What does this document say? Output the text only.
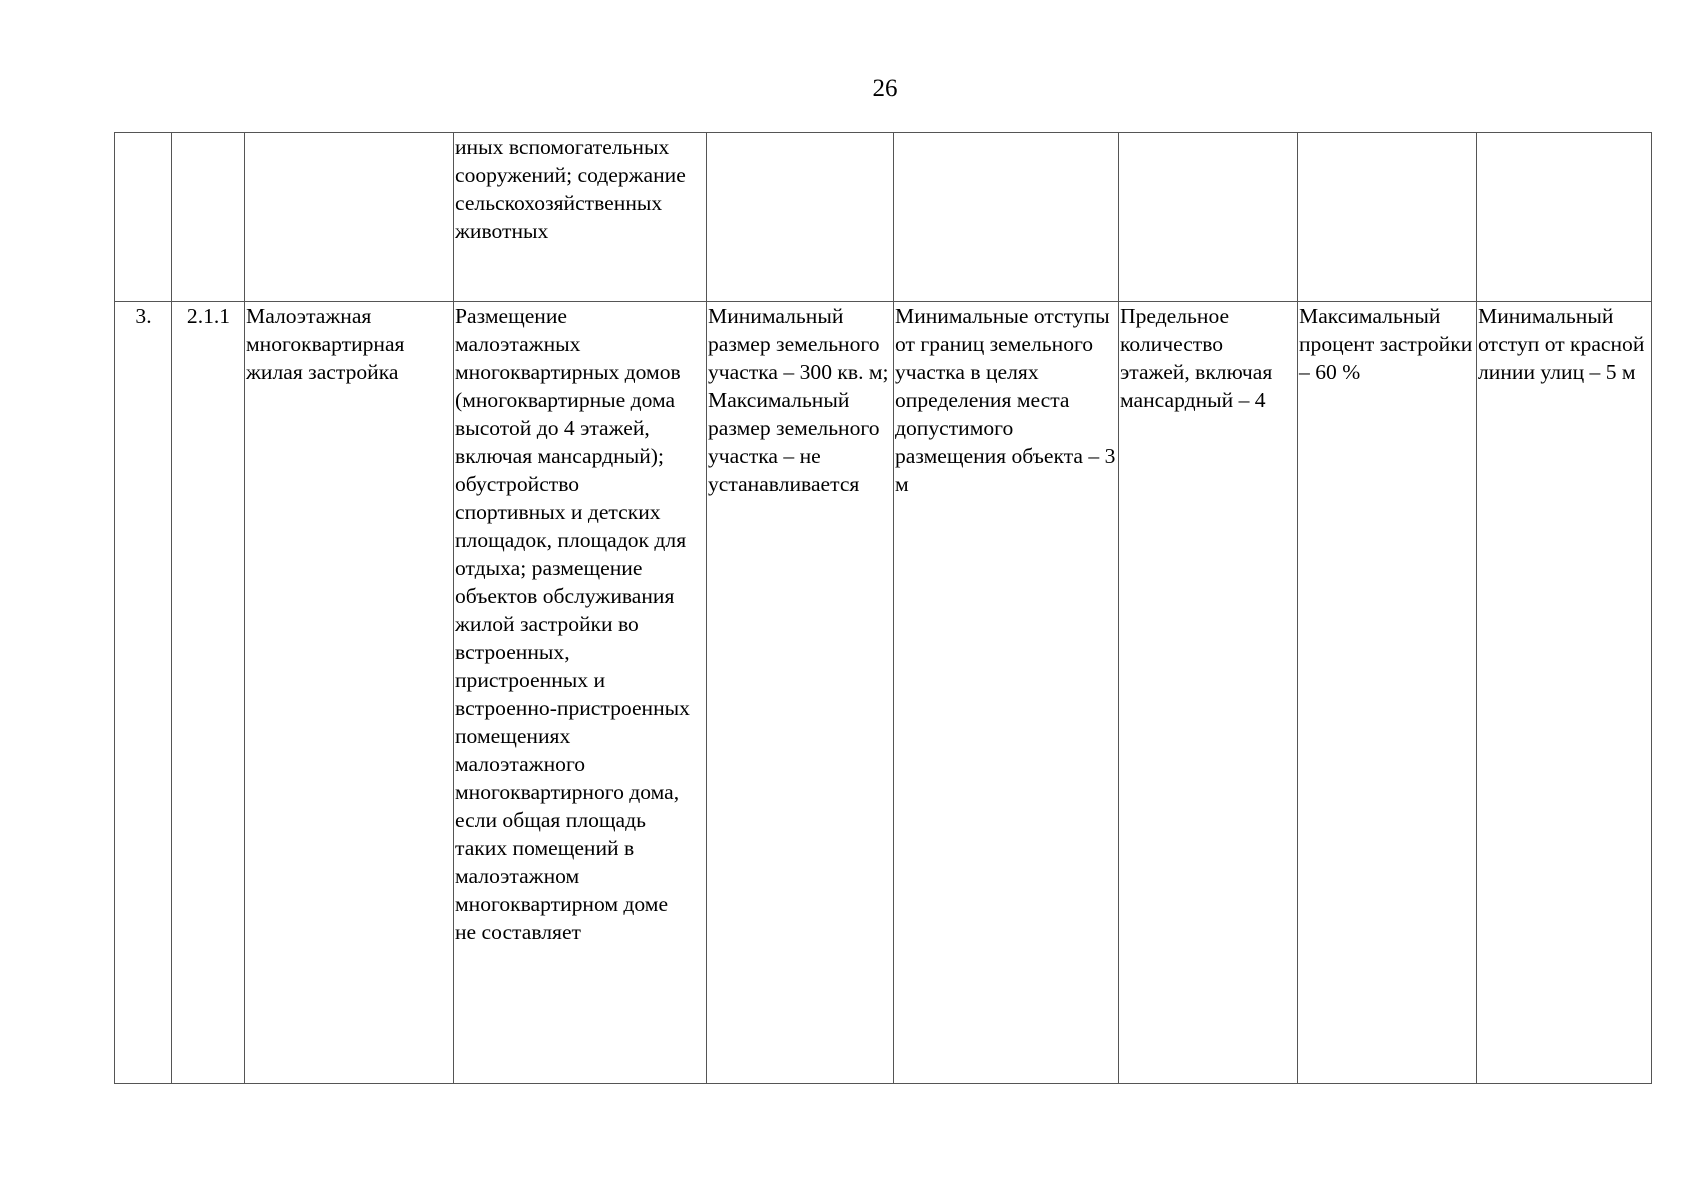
26
			иных вспомогательных сооружений; содержание сельскохозяйственных животных					
3.	2.1.1	Малоэтажная многоквартирная жилая застройка	Размещение малоэтажных многоквартирных домов (многоквартирные дома высотой до 4 этажей, включая мансардный); обустройство спортивных и детских площадок, площадок для отдыха; размещение объектов обслуживания жилой застройки во встроенных, пристроенных и встроенно-пристроенных помещениях малоэтажного многоквартирного дома, если общая площадь таких помещений в малоэтажном многоквартирном доме не составляет	Минимальный размер земельного участка – 300 кв. м; Максимальный размер земельного участка – не устанавливается	Минимальные отступы от границ земельного участка в целях определения места допустимого размещения объекта – 3 м	Предельное количество этажей, включая мансардный – 4	Максимальный процент застройки – 60 %	Минимальный отступ от красной линии улиц – 5 м
